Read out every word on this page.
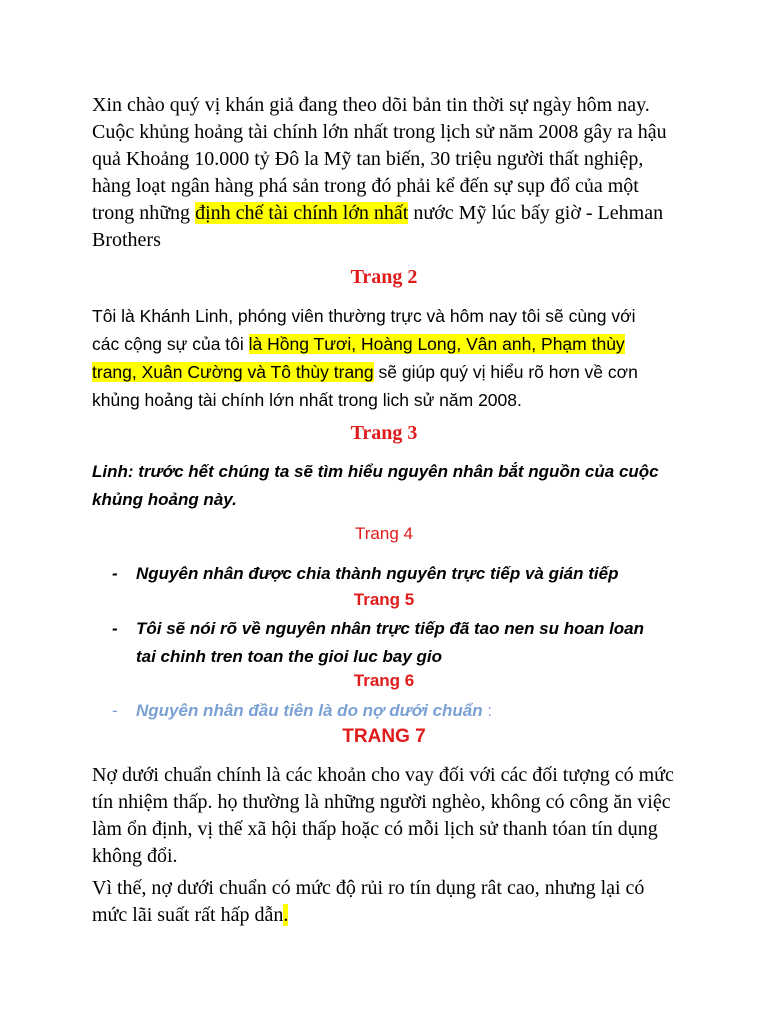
Xin chào quý vị khán giả đang theo dõi bản tin thời sự ngày hôm nay.
Cuộc khủng hoảng tài chính lớn nhất trong lịch sử năm 2008 gây ra hậu
quả Khoảng 10.000 tỷ Đô la Mỹ tan biến, 30 triệu người thất nghiệp,
hàng loạt ngân hàng phá sản trong đó phải kể đến sự sụp đổ của một
trong những định chế tài chính lớn nhất nước Mỹ lúc bấy giờ - Lehman
Brothers
Trang 2
Tôi là Khánh Linh, phóng viên thường trực và hôm nay tôi sẽ cùng với
các cộng sự của tôi là Hồng Tươi, Hoàng Long, Vân anh, Phạm thùy
trang, Xuân Cường và Tô thùy trang sẽ giúp quý vị hiểu rõ hơn về cơn
khủng hoảng tài chính lớn nhất trong lich sử năm 2008.
Trang 3
Linh: trước hết chúng ta sẽ tìm hiểu nguyên nhân bắt nguồn của cuộc
khủng hoảng này.
Trang 4
- Nguyên nhân được chia thành nguyên trực tiếp và gián tiếp
Trang 5
- Tôi sẽ nói rõ về nguyên nhân trực tiếp đã tao nen su hoan loan
tai chinh tren toan the gioi luc bay gio
Trang 6
- Nguyên nhân đầu tiên là do nợ dưới chuẩn :
TRANG 7
Nợ dưới chuẩn chính là các khoản cho vay đối với các đối tượng có mức
tín nhiệm thấp. họ thường là những người nghèo, không có công ăn việc
làm ổn định, vị thế xã hội thấp hoặc có mỗi lịch sử thanh tóan tín dụng
không đổi.
Vì thế, nợ dưới chuẩn có mức độ rủi ro tín dụng rât cao, nhưng lại có
mức lãi suất rất hấp dẫn.
